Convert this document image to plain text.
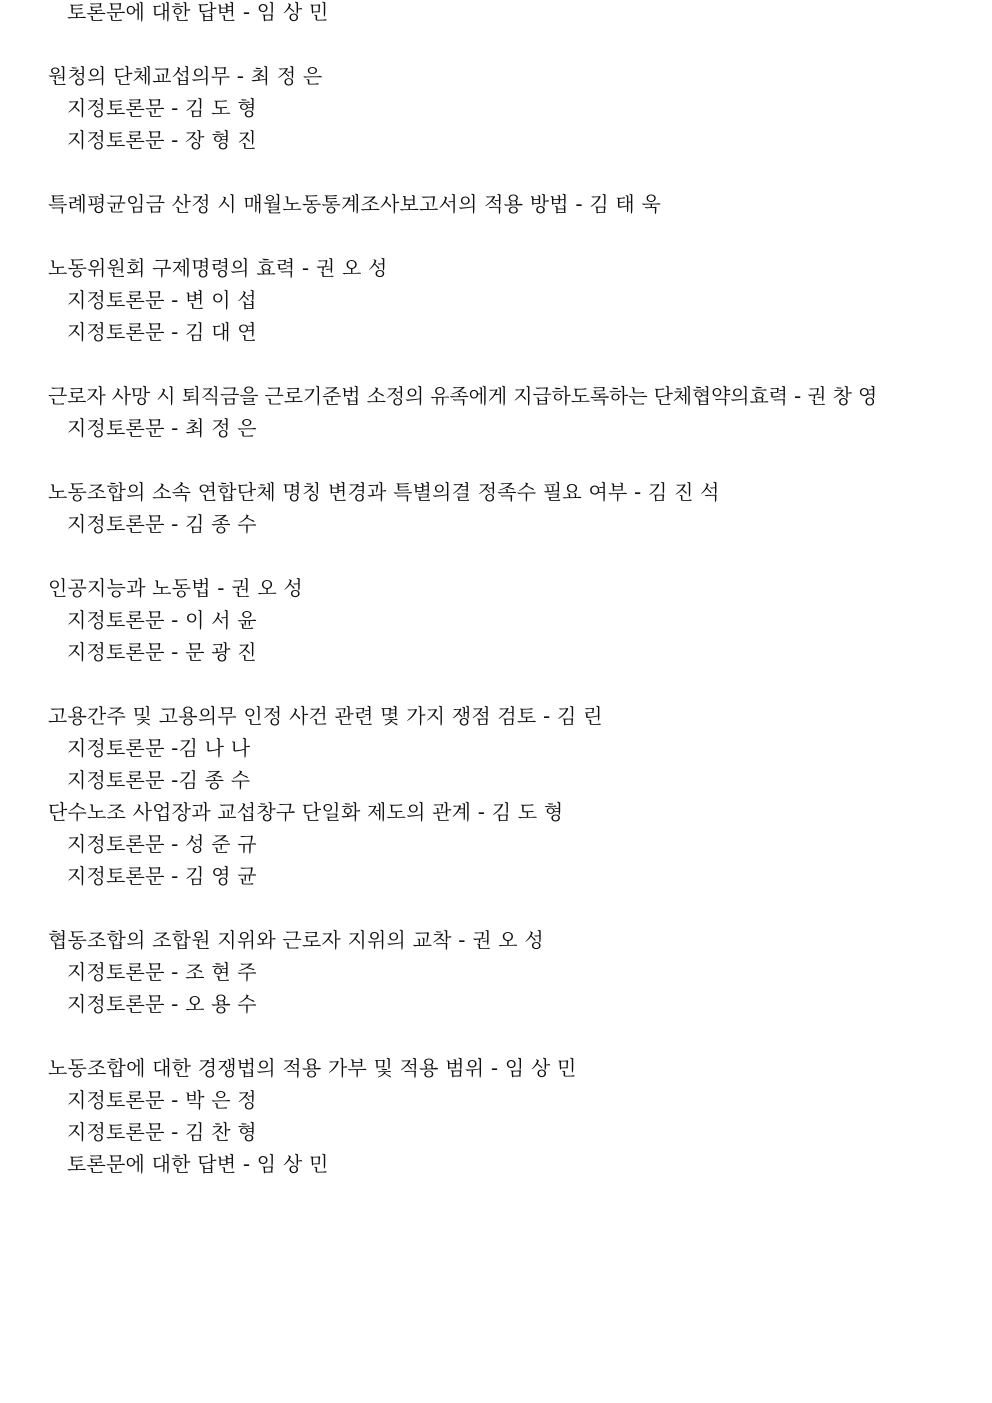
토론문에 대한 답변 - 임 상 민
원청의 단체교섭의무 - 최 정 은
지정토론문 - 김 도 형
지정토론문 - 장 형 진
특례평균임금 산정 시 매월노동통계조사보고서의 적용 방법 - 김 태 욱
노동위원회 구제명령의 효력 - 권 오 성
지정토론문 - 변 이 섭
지정토론문 - 김 대 연
근로자 사망 시 퇴직금을 근로기준법 소정의 유족에게 지급하도록하는 단체협약의효력 - 권 창 영
지정토론문 - 최 정 은
노동조합의 소속 연합단체 명칭 변경과 특별의결 정족수 필요 여부 - 김 진 석
지정토론문 - 김 종 수
인공지능과 노동법 - 권 오 성
지정토론문 - 이 서 윤
지정토론문 - 문 광 진
고용간주 및 고용의무 인정 사건 관련 몇 가지 쟁점 검토 - 김 린
지정토론문 -김 나 나
지정토론문 -김 종 수
단수노조 사업장과 교섭창구 단일화 제도의 관계 - 김 도 형
지정토론문 - 성 준 규
지정토론문 - 김 영 균
협동조합의 조합원 지위와 근로자 지위의 교착 - 권 오 성
지정토론문 - 조 현 주
지정토론문 - 오 용 수
노동조합에 대한 경쟁법의 적용 가부 및 적용 범위 - 임 상 민
지정토론문 - 박 은 정
지정토론문 - 김 찬 형
토론문에 대한 답변 - 임 상 민
